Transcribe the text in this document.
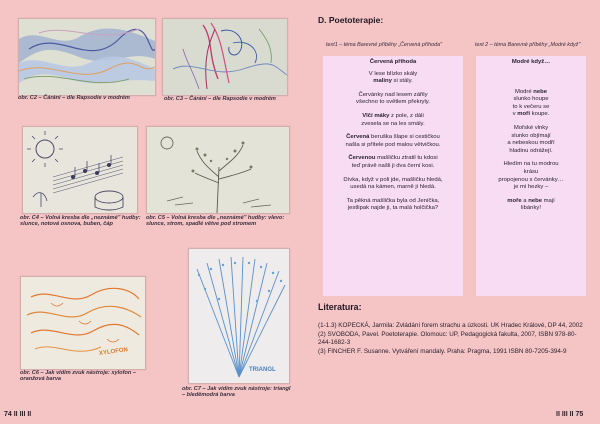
obr. C2 – Čárání – dle Rapsodie v modrém	obr. C3 – Čárání – dle Rapsodie v modrém
obr. C4 – Volná kresba dle „neznámé" hudby: slunce, notová osnova, buben, čáp
obr. C5 – Volná kresba dle „neznámé" hudby: vlevo: slunce, strom, spadlé větve pod stromem
XYLOFON
obr. C6 – Jak vidím zvuk nástroje: xylofon – oranžová barva
TRIANGL
obr. C7 – Jak vidím zvuk nástroje: triangl – bleděmodrá barva
74 II III II
D. Poetoterapie:
text1 – téma Barevné příběhy „Červená příhoda"	text 2 – téma Barevné příběhy „Modré když"
Červená příhoda

V lese blízko skály
maliny si stály.

Červánky nad lesem zářily
všechno to světlem překryly.

Vlčí máky z pole, z dáli
zvesela se na les smály.

Červená beruška šlape si cestičkou
našla si přítele pod malou větvičkou.

Červenou mašličku ztratil tu kdosi
teď právě našli ji dva černí kosi.

Dívka, když v poli jde, mašličku hledá,
usedá na kámen, marně ji hledá.

Ta pěkná mašlička byla od Jeníčka,
jestlipak najde ji, ta malá holčička?

Modré když…
Modré nebe
slunko houpe
to k večeru se
v moři koupe.
Mořské vlnky
slunko objímají
a nebeskou modří
hladinu odrážejí.
Hledím na tu modrou
krásu
propojenou s červánky…
je mi hezky –
moře a nebe mají
libánky!
Literatura:

(1-1.3) KOPECKÁ, Jarmila: Zvládání forem strachu a úzkosti. UK Hradec Králové, DP 44, 2002

(2) SVOBODA, Pavel. Poetoterapie. Olomouc: UP, Pedagogická fakulta, 2007, ISBN 978-80-244-1682-3

(3) FINCHER F. Susanne. Vytváření mandaly. Praha: Pragma, 1991 ISBN 80-7205-394-9

II III II 75
